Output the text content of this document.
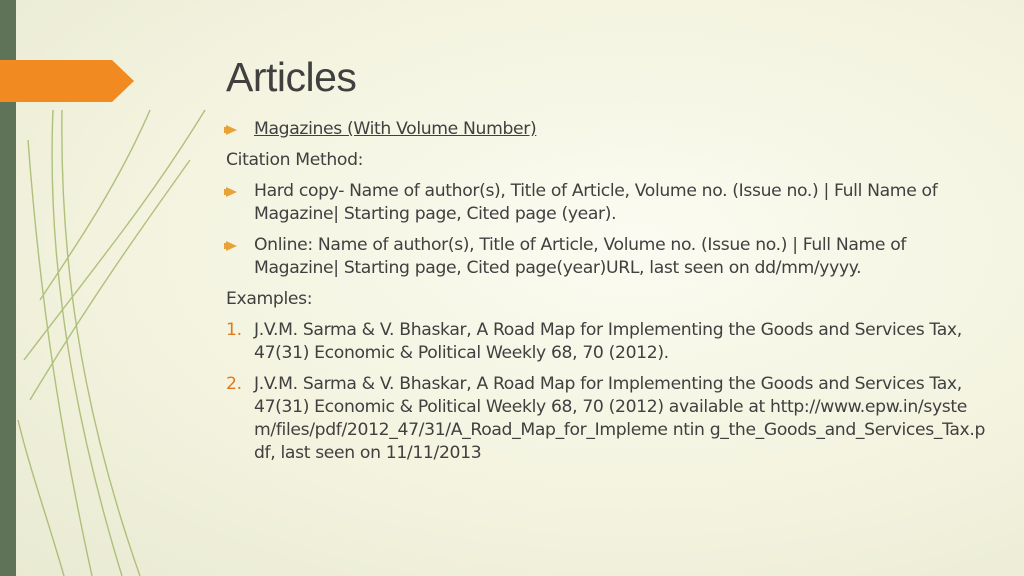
Articles
Magazines (With Volume Number)
Citation Method:
Hard copy- Name of author(s), Title of Article, Volume no. (Issue no.) | Full Name of Magazine| Starting page, Cited page (year).
Online: Name of author(s), Title of Article, Volume no. (Issue no.) | Full Name of Magazine| Starting page, Cited page(year)URL, last seen on dd/mm/yyyy.
Examples:
1. J.V.M. Sarma & V. Bhaskar, A Road Map for Implementing the Goods and Services Tax, 47(31) Economic & Political Weekly 68, 70 (2012).
2. J.V.M. Sarma & V. Bhaskar, A Road Map for Implementing the Goods and Services Tax, 47(31) Economic & Political Weekly 68, 70 (2012) available at http://www.epw.in/system/files/pdf/2012_47/31/A_Road_Map_for_Impleme ntin g_the_Goods_and_Services_Tax.pdf, last seen on 11/11/2013
